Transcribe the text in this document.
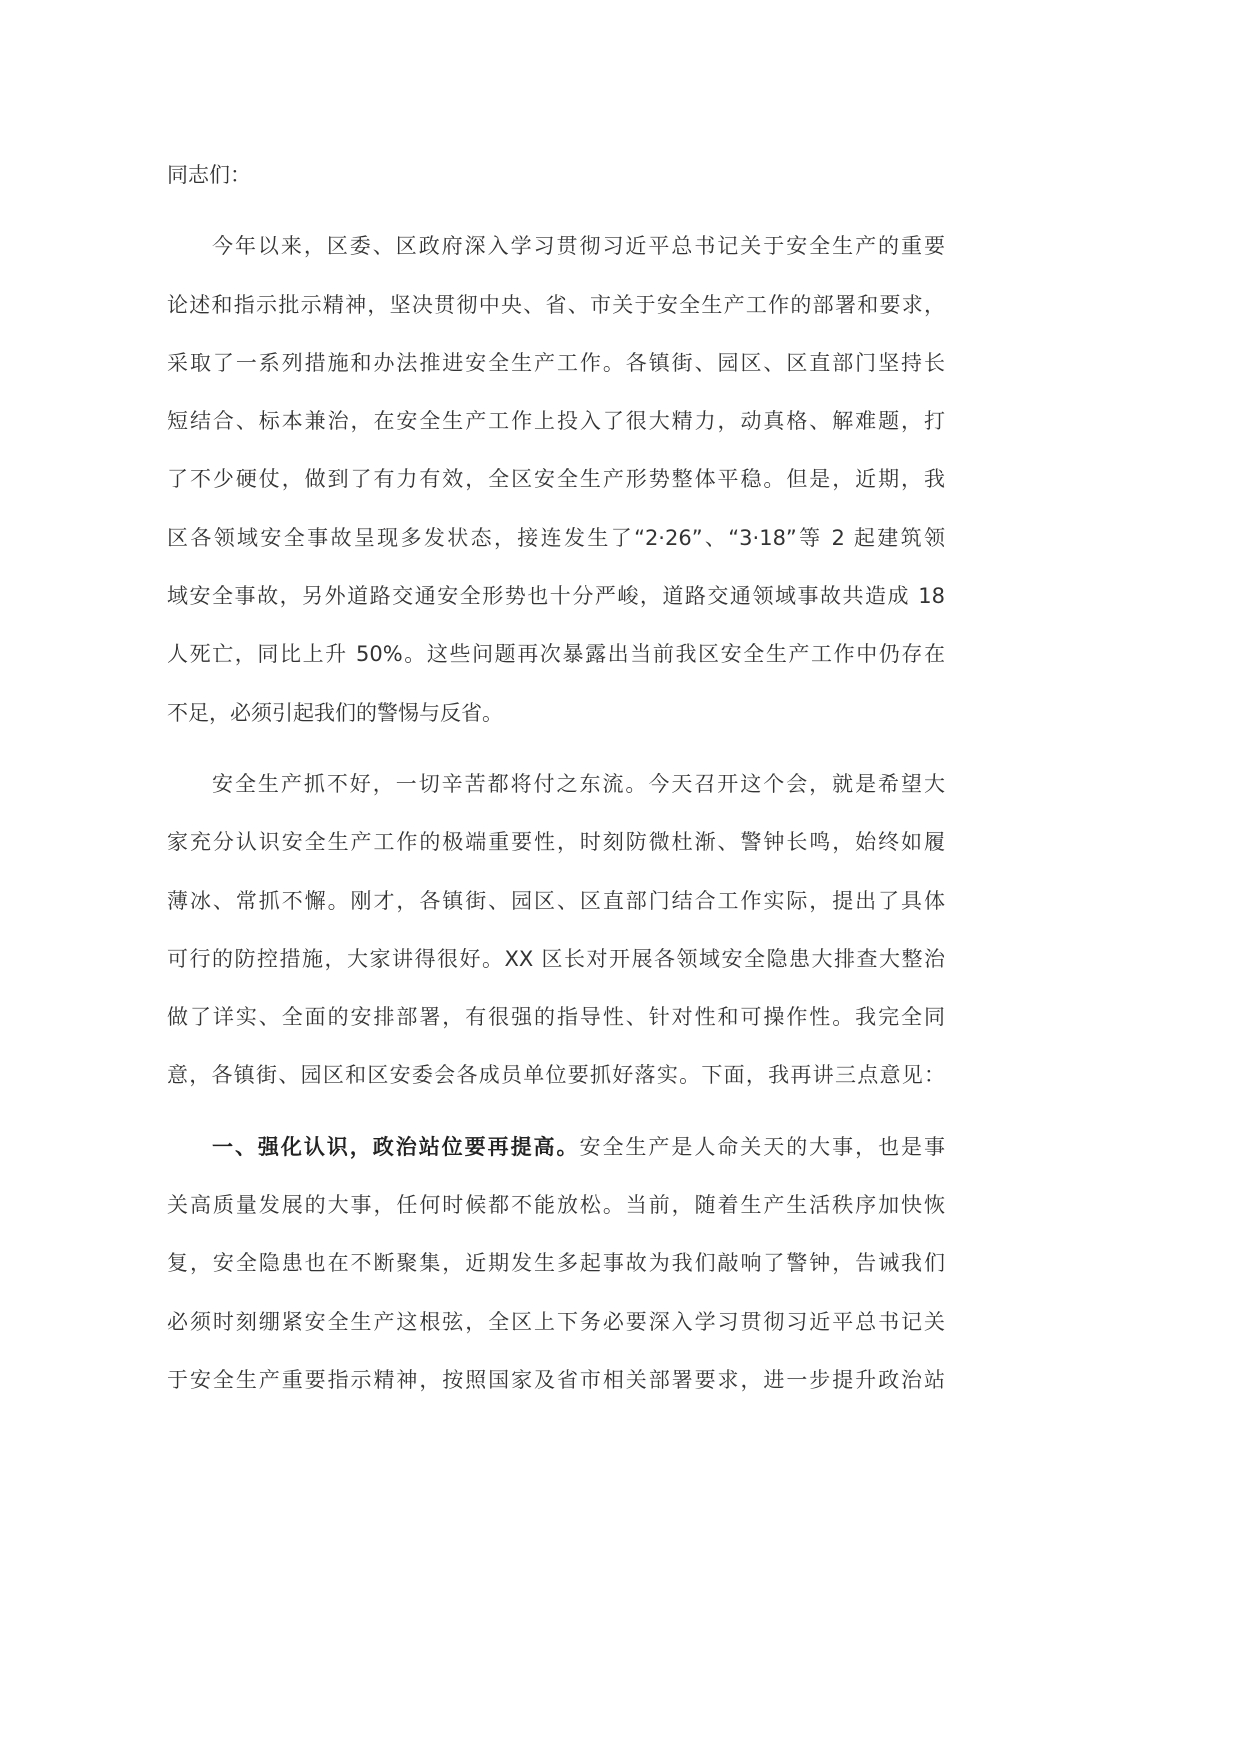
同志们：
今年以来，区委、区政府深入学习贯彻习近平总书记关于安全生产的重要
论述和指示批示精神，坚决贯彻中央、省、市关于安全生产工作的部署和要求，
采取了一系列措施和办法推进安全生产工作。各镇街、园区、区直部门坚持长
短结合、标本兼治，在安全生产工作上投入了很大精力，动真格、解难题，打
了不少硬仗，做到了有力有效，全区安全生产形势整体平稳。但是，近期，我
区各领域安全事故呈现多发状态，接连发生了“2·26”、“3·18”等 2 起建筑领
域安全事故，另外道路交通安全形势也十分严峻，道路交通领域事故共造成 18
人死亡，同比上升 50%。这些问题再次暴露出当前我区安全生产工作中仍存在
不足，必须引起我们的警惕与反省。
安全生产抓不好，一切辛苦都将付之东流。今天召开这个会，就是希望大
家充分认识安全生产工作的极端重要性，时刻防微杜渐、警钟长鸣，始终如履
薄冰、常抓不懈。刚才，各镇街、园区、区直部门结合工作实际，提出了具体
可行的防控措施，大家讲得很好。XX 区长对开展各领域安全隐患大排查大整治
做了详实、全面的安排部署，有很强的指导性、针对性和可操作性。我完全同
意，各镇街、园区和区安委会各成员单位要抓好落实。下面，我再讲三点意见：
一、强化认识，政治站位要再提高。安全生产是人命关天的大事，也是事
关高质量发展的大事，任何时候都不能放松。当前，随着生产生活秩序加快恢
复，安全隐患也在不断聚集，近期发生多起事故为我们敲响了警钟，告诫我们
必须时刻绷紧安全生产这根弦，全区上下务必要深入学习贯彻习近平总书记关
于安全生产重要指示精神，按照国家及省市相关部署要求，进一步提升政治站
